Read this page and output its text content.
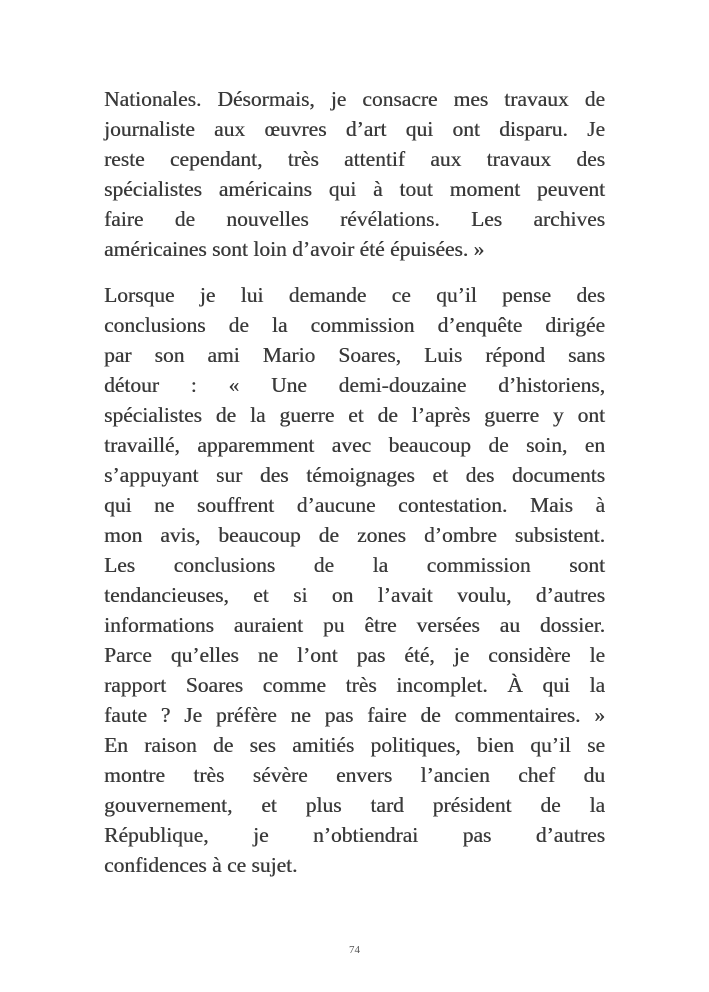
Nationales. Désormais, je consacre mes travaux de
journaliste aux œuvres d’art qui ont disparu. Je
reste cependant, très attentif aux travaux des
spécialistes américains qui à tout moment peuvent
faire de nouvelles révélations. Les archives
américaines sont loin d’avoir été épuisées. »

Lorsque je lui demande ce qu’il pense des
conclusions de la commission d’enquête dirigée
par son ami Mario Soares, Luis répond sans
détour : « Une demi-douzaine d’historiens,
spécialistes de la guerre et de l’après guerre y ont
travaillé, apparemment avec beaucoup de soin, en
s’appuyant sur des témoignages et des documents
qui ne souffrent d’aucune contestation. Mais à
mon avis, beaucoup de zones d’ombre subsistent.
Les conclusions de la commission sont
tendancieuses, et si on l’avait voulu, d’autres
informations auraient pu être versées au dossier.
Parce qu’elles ne l’ont pas été, je considère le
rapport Soares comme très incomplet. À qui la
faute ? Je préfère ne pas faire de commentaires. »
En raison de ses amitiés politiques, bien qu’il se
montre très sévère envers l’ancien chef du
gouvernement, et plus tard président de la
République, je n’obtiendrai pas d’autres
confidences à ce sujet.

74
